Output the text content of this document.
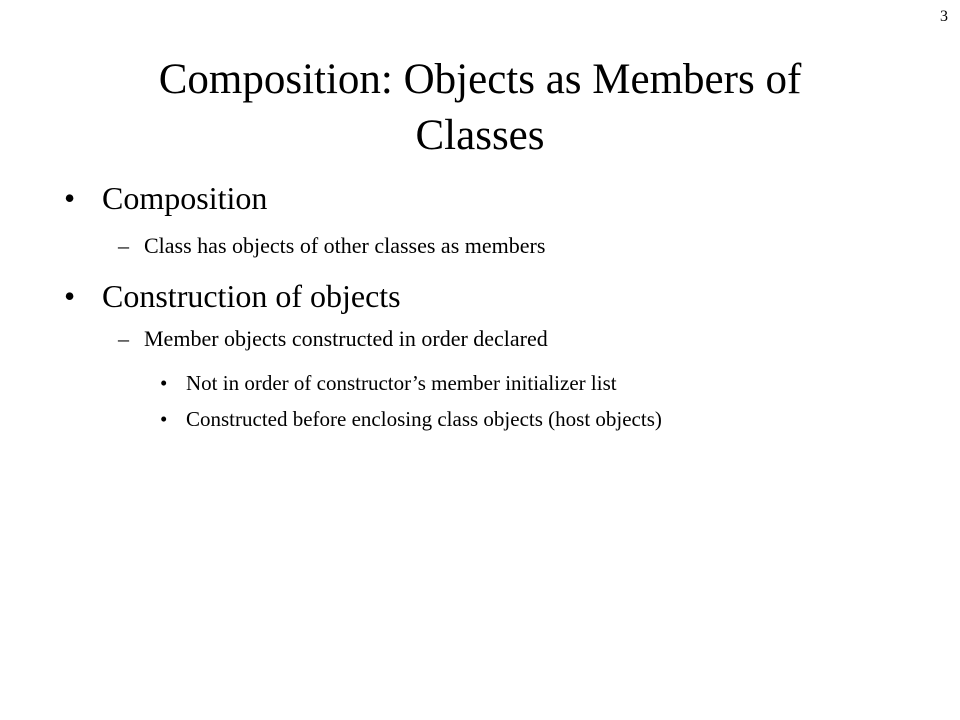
3
Composition: Objects as Members of
Classes
• Composition
– Class has objects of other classes as members
• Construction of objects
– Member objects constructed in order declared
• Not in order of constructor’s member initializer list
• Constructed before enclosing class objects (host objects)
